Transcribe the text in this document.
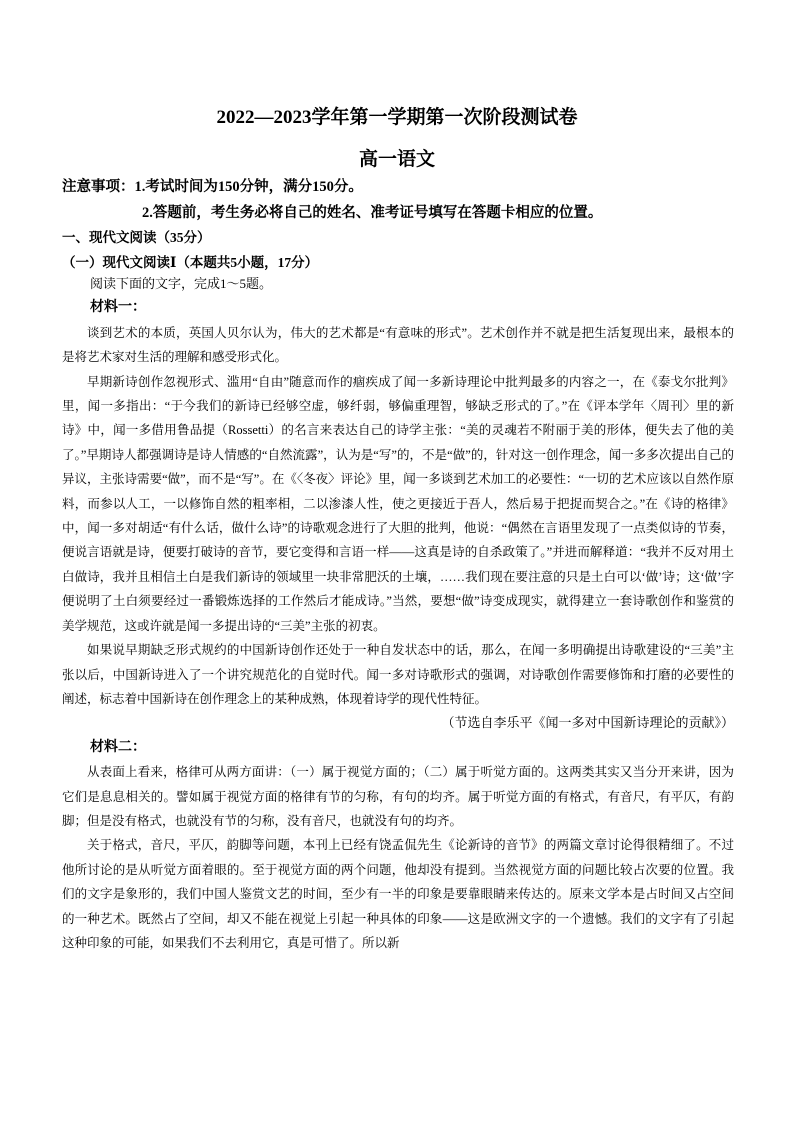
2022—2023学年第一学期第一次阶段测试卷
高一语文
注意事项：1.考试时间为150分钟，满分150分。
2.答题前，考生务必将自己的姓名、准考证号填写在答题卡相应的位置。
一、现代文阅读（35分）
（一）现代文阅读Ⅰ（本题共5小题，17分）

阅读下面的文字，完成1～5题。

材料一：

谈到艺术的本质，英国人贝尔认为，伟大的艺术都是“有意味的形式”。艺术创作并不就是把生活复现出来，最根本的是将艺术家对生活的理解和感受形式化。

早期新诗创作忽视形式、滥用“自由”随意而作的痼疾成了闻一多新诗理论中批判最多的内容之一，在《泰戈尔批判》里，闻一多指出：“于今我们的新诗已经够空虚，够纤弱，够偏重理智，够缺乏形式的了。”在《评本学年〈周刊〉里的新诗》中，闻一多借用鲁品提（Rossetti）的名言来表达自己的诗学主张：“美的灵魂若不附丽于美的形体，便失去了他的美了。”早期诗人都强调诗是诗人情感的“自然流露”，认为是“写”的，不是“做”的，针对这一创作理念，闻一多多次提出自己的异议，主张诗需要“做”，而不是“写”。在《〈冬夜〉评论》里，闻一多谈到艺术加工的必要性：“一切的艺术应该以自然作原料，而参以人工，一以修饰自然的粗率相，二以渗漆人性，使之更接近于吾人，然后易于把捉而契合之。”在《诗的格律》中，闻一多对胡适“有什么话，做什么诗”的诗歌观念进行了大胆的批判，他说：“偶然在言语里发现了一点类似诗的节奏，便说言语就是诗，便要打破诗的音节，要它变得和言语一样——这真是诗的自杀政策了。”并进而解释道：“我并不反对用土白做诗，我并且相信土白是我们新诗的领域里一块非常肥沃的土壤，……我们现在要注意的只是土白可以‘做’诗；这‘做’字便说明了土白须要经过一番锻炼选择的工作然后才能成诗。”当然，要想“做”诗变成现实，就得建立一套诗歌创作和鉴赏的美学规范，这或许就是闻一多提出诗的“三美”主张的初衷。

如果说早期缺乏形式规约的中国新诗创作还处于一种自发状态中的话，那么，在闻一多明确提出诗歌建设的“三美”主张以后，中国新诗进入了一个讲究规范化的自觉时代。闻一多对诗歌形式的强调，对诗歌创作需要修饰和打磨的必要性的阐述，标志着中国新诗在创作理念上的某种成熟，体现着诗学的现代性特征。

（节选自李乐平《闻一多对中国新诗理论的贡献》）

材料二：

从表面上看来，格律可从两方面讲：（一）属于视觉方面的；（二）属于听觉方面的。这两类其实又当分开来讲，因为它们是息息相关的。譬如属于视觉方面的格律有节的匀称，有句的均齐。属于听觉方面的有格式，有音尺，有平仄，有韵脚；但是没有格式，也就没有节的匀称，没有音尺，也就没有句的均齐。

关于格式，音尺，平仄，韵脚等问题，本刊上已经有饶孟侃先生《论新诗的音节》的两篇文章讨论得很精细了。不过他所讨论的是从听觉方面着眼的。至于视觉方面的两个问题，他却没有提到。当然视觉方面的问题比较占次要的位置。我们的文字是象形的，我们中国人鉴赏文艺的时间，至少有一半的印象是要靠眼睛来传达的。原来文学本是占时间又占空间的一种艺术。既然占了空间，却又不能在视觉上引起一种具体的印象——这是欧洲文字的一个遗憾。我们的文字有了引起这种印象的可能，如果我们不去利用它，真是可惜了。所以新
